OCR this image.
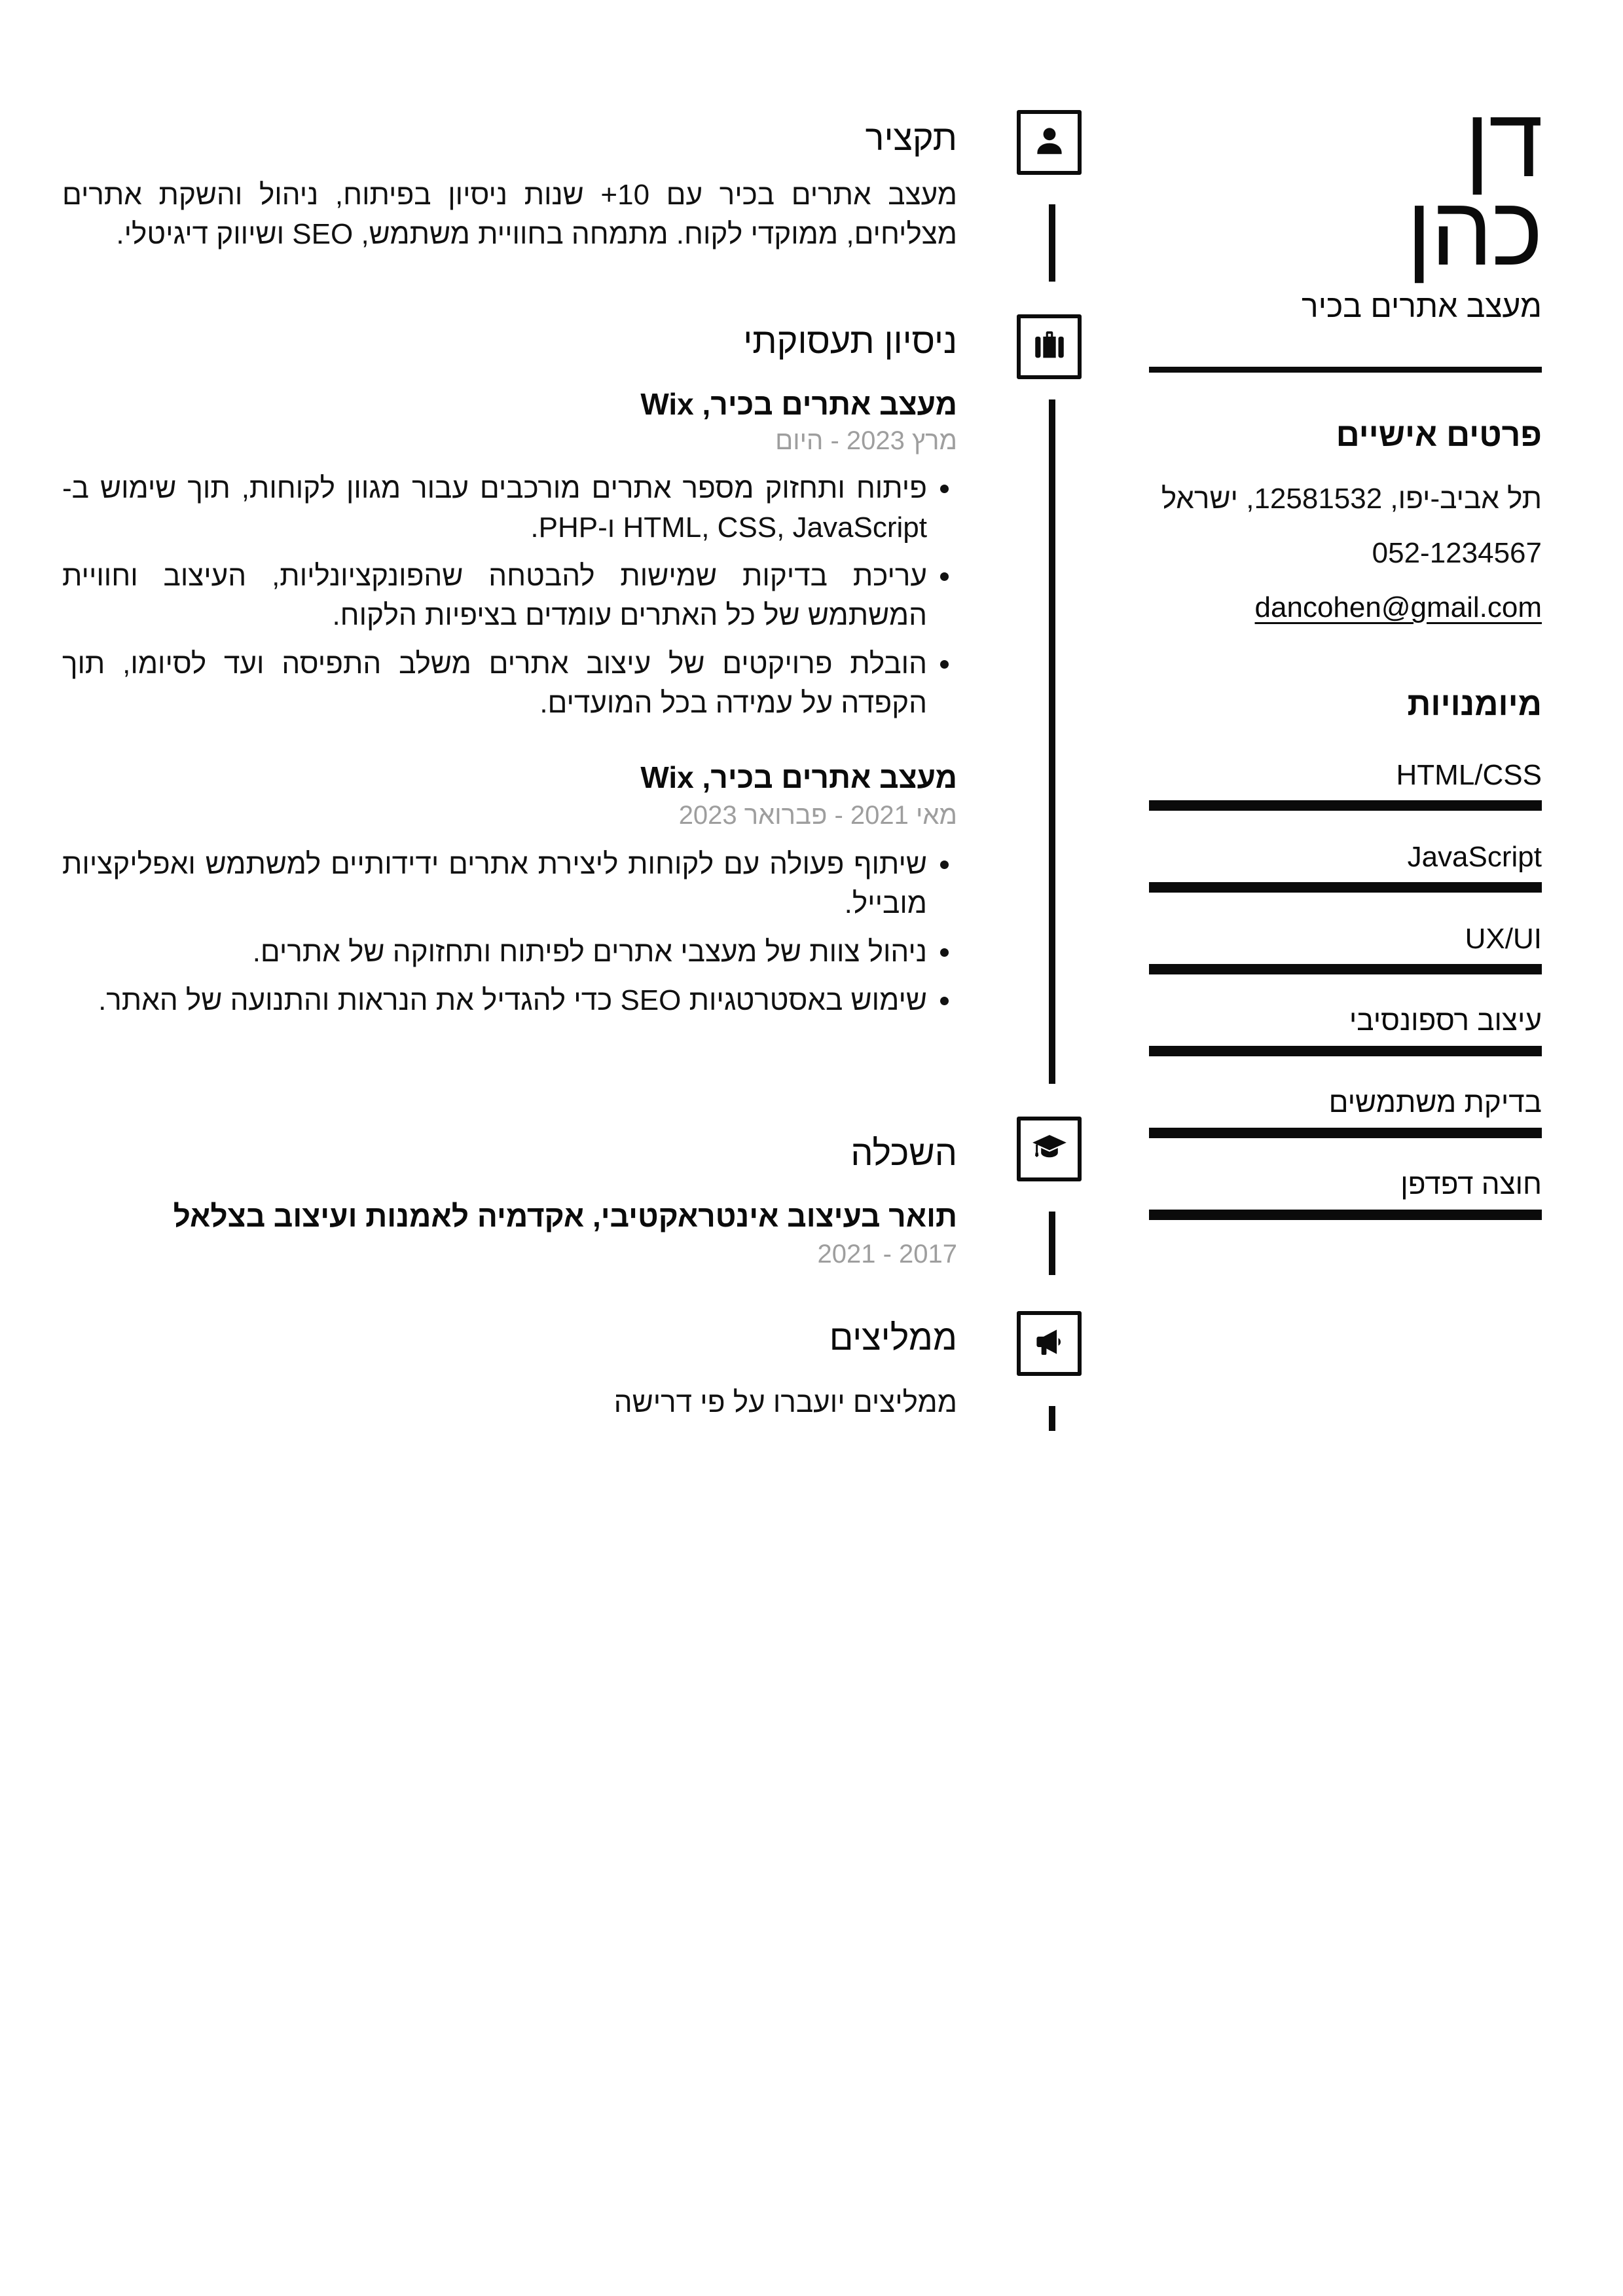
תקציר
מעצב אתרים בכיר עם 10+ שנות ניסיון בפיתוח, ניהול והשקת אתרים מצליחים, ממוקדי לקוח. מתמחה בחוויית משתמש, SEO ושיווק דיגיטלי.
ניסיון תעסוקתי
מעצב אתרים בכיר, Wix
מרץ 2023 - היום
• פיתוח ותחזוק מספר אתרים מורכבים עבור מגוון לקוחות, תוך שימוש ב-HTML, CSS, JavaScript ו-PHP.
• עריכת בדיקות שמישות להבטחה שהפונקציונליות, העיצוב וחוויית המשתמש של כל האתרים עומדים בציפיות הלקוח.
• הובלת פרויקטים של עיצוב אתרים משלב התפיסה ועד לסיומו, תוך הקפדה על עמידה בכל המועדים.
מעצב אתרים בכיר, Wix
מאי 2021 - פברואר 2023
• שיתוף פעולה עם לקוחות ליצירת אתרים ידידותיים למשתמש ואפליקציות מובייל.
• ניהול צוות של מעצבי אתרים לפיתוח ותחזוקה של אתרים.
• שימוש באסטרטגיות SEO כדי להגדיל את הנראות והתנועה של האתר.
השכלה
תואר בעיצוב אינטראקטיבי, אקדמיה לאמנות ועיצוב בצלאל
2017 - 2021
ממליצים
ממליצים יועברו על פי דרישה
דן
כהן
מעצב אתרים בכיר
פרטים אישיים
תל אביב-יפו, 12581532, ישראל
052-1234567
dancohen@gmail.com
מיומנויות
HTML/CSS
JavaScript
UX/UI
עיצוב רספונסיבי
בדיקת משתמשים
חוצה דפדפן
